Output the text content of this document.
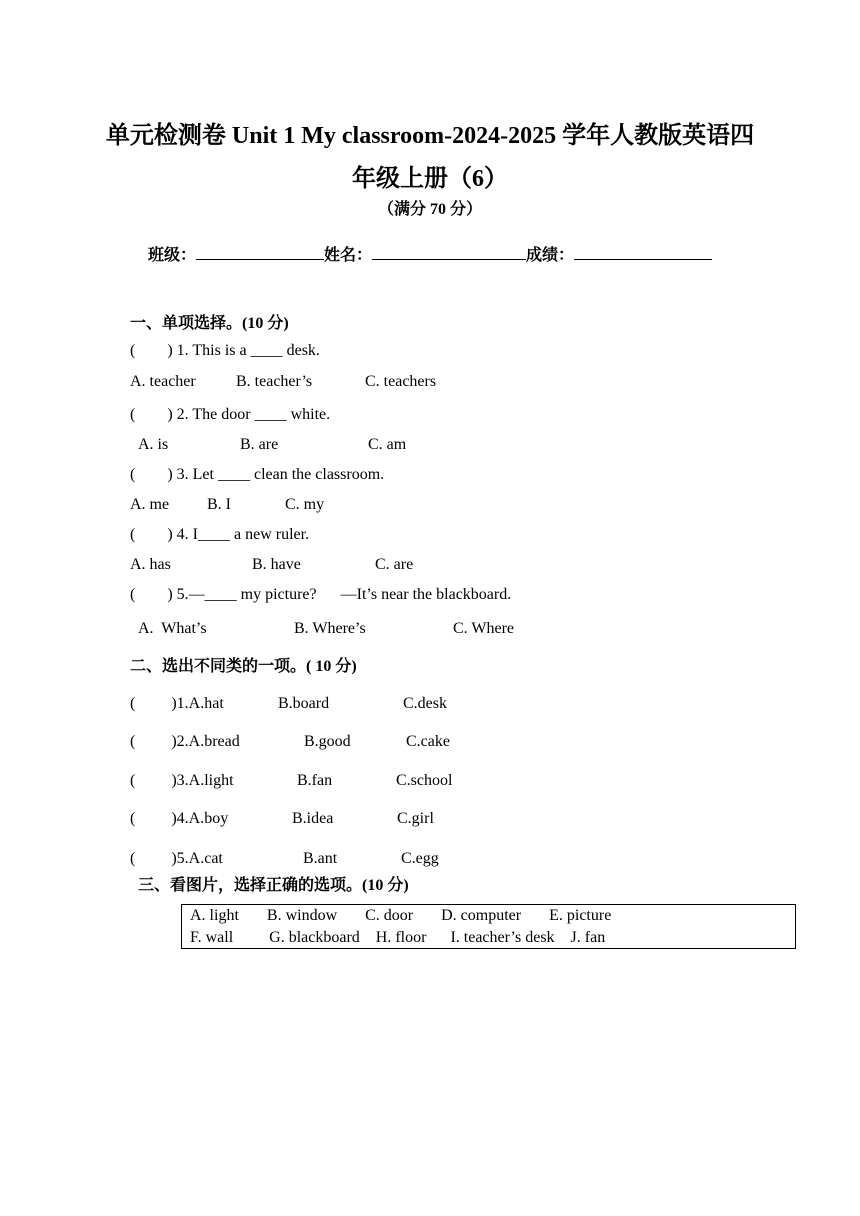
单元检测卷 Unit 1 My classroom-2024-2025 学年人教版英语四
年级上册（6）
（满分 70 分）
班级：	姓名：	成绩：
一、单项选择。(10 分)
(        ) 1. This is a ____ desk.
A. teacher	B. teacher’s	C. teachers
(        ) 2. The door ____ white.
A. is	B. are	C. am
(        ) 3. Let ____ clean the classroom.
A. me B. I	C. my
(        ) 4. I____ a new ruler.
A. has	B. have	C. are
(        ) 5.—____ my picture?      —It’s near the blackboard.
A.  What’s	B. Where’s	C. Where
二、选出不同类的一项。( 10 分)
(         )1.A.hat	B.board	C.desk
(         )2.A.bread	B.good	C.cake
(         )3.A.light	B.fan	C.school
(         )4.A.boy	B.idea	C.girl
(         )5.A.cat	B.ant	C.egg
三、看图片，选择正确的选项。(10 分)
A. light       B. window       C. door       D. computer       E. picture
F. wall         G. blackboard    H. floor      I. teacher’s desk    J. fan
